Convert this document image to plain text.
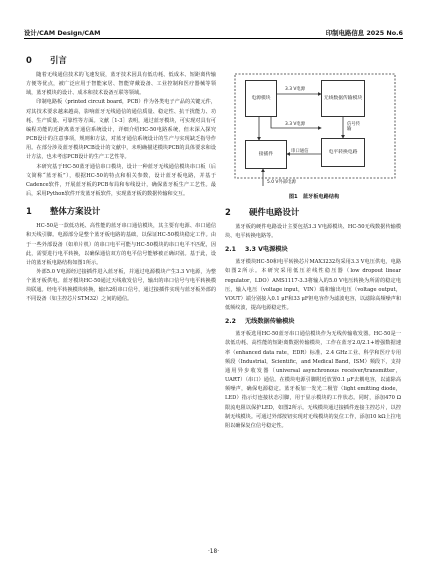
设计/CAM Design/CAM	印制电路信息 2025 No.6
0 引言

随着无线通信技术的飞速发展，蓝牙技术因具有低功耗、低成本、短距离传输方便等优点，被广泛应用于智能家居、智能穿戴设备、工业控制和医疗器械等领域，蓝牙模块的设计、成本和技术设备互联等领域。

印制电路板（printed circuit board，PCB）作为各类电子产品的关键元件，对其技术要求越来越高，影响蓝牙无线通信的通信质量、稳定性、抗干扰能力、功耗、生产质量、可靠性等方面。文献［1-3］表明，通过蓝牙模块，可实现对具有可编程功能的近距离蓝牙通信系统设计，详细介绍HC-50电路系统，但未深入探究PCB设计的注意事项，规则和方法，对蓝牙通信系统设计的生产与实现缺乏指导作用。在部分涉及蓝牙模块PCB设计的文献中，未明确描述模块PCB的具体要求和设计方法，也未考虑PCB设计的生产工艺性等。

本研究基于HC-50蓝牙通信串口模块，设计一种蓝牙无线通信模块串口板（后文简称“蓝牙板”），根据HC-50的特点和相关参数，设计蓝牙板电路，并基于Cadence软件，开展蓝牙板的PCB布局和布线设计，确保蓝牙板生产工艺性。最后，采用Python软件开发蓝牙板软件，实现蓝牙板的数据传输和交互。

1 整体方案设计

HC-50是一款低功耗、高性能的蓝牙串口通信模块，其主要有电源、串口通信和天线引脚。电源部分是整个蓝牙板电路的基础，以保证HC-50模块稳定工作。由于一些外部设备（如单片机）的串口电平可能与HC-50模块的串口电平不匹配，因此，需要进行电平转换，以确保通信双方的电平信号能够被正确识别。基于此，设计的蓝牙板电路结构如图1所示。

外部5.0 V电源经过接插件进入蓝牙板，并通过电源模块产生3.3 V电源，为整个蓝牙板供电。蓝牙模块HC-50通过天线收发信号，输出的串口信号与电平转换模块联通。经电平转换模块转换，输出2组串口信号，通过接插件实现与蓝牙板外部的不同设备（如主控芯片STM32）之间的通信。

电源模块	无线数据传输模块
接插件	电平转换电路
3.3 V电源
3.3 V电源	信号传输
串口通信
5.0 V外部电源
图1　蓝牙板电路结构
2 硬件电路设计

蓝牙板的硬件电路设计主要包括3.3 V电源模块、HC-50无线数据传输模块、电平转换电路等。

2.1 3.3 V电源模块

蓝牙模块HC-50和电平转换芯片MAX3232均采用3.3 V电压供电，电路如图2所示。本研究采用低压差线性稳压器（low dropout linear regulator，LDO）AMS1117-3.3将输入的5.0 V电压转换为所需的稳定电压，输入电压（voltage input，VIN）端和输出电压（voltage output，VOUT）端分别接入0.1 μF和33 μF钽电容作为滤波电容，以滤除高频噪声和低频纹波，提高电源稳定性。

2.2 无线数据传输模块

蓝牙板选用HC-50蓝牙串口通信模块作为无线传输收发器。HC-50是一款低功耗、高性能的短距离数据传输模块，工作在蓝牙2.0/2.1+增强数据速率（enhanced data rate，EDR）标准、2.4 GHz工业、科学和医疗专用频段（Industrial，Scientific，and Medical Band，ISM）频段下，支持通用异步收发器（universal asynchronous receiver/transmitter，UART）（串口）通信。在模块电源引脚附近放置0.1 μF去耦电容，以滤除高频噪声，确保电源稳定。蓝牙板加一发光二极管（light emitting diode，LED）指示灯连接状态引脚，用于显示模块的工作状态。同时，添加470 Ω限流电阻以保护LED，如图2所示。无线模块通过接插件连接主控芯片，以控制无线模块。可通过外部按钮实现对无线模块的复位工作，添加10 kΩ上拉电阻以确保复位信号稳定性。

·18·
